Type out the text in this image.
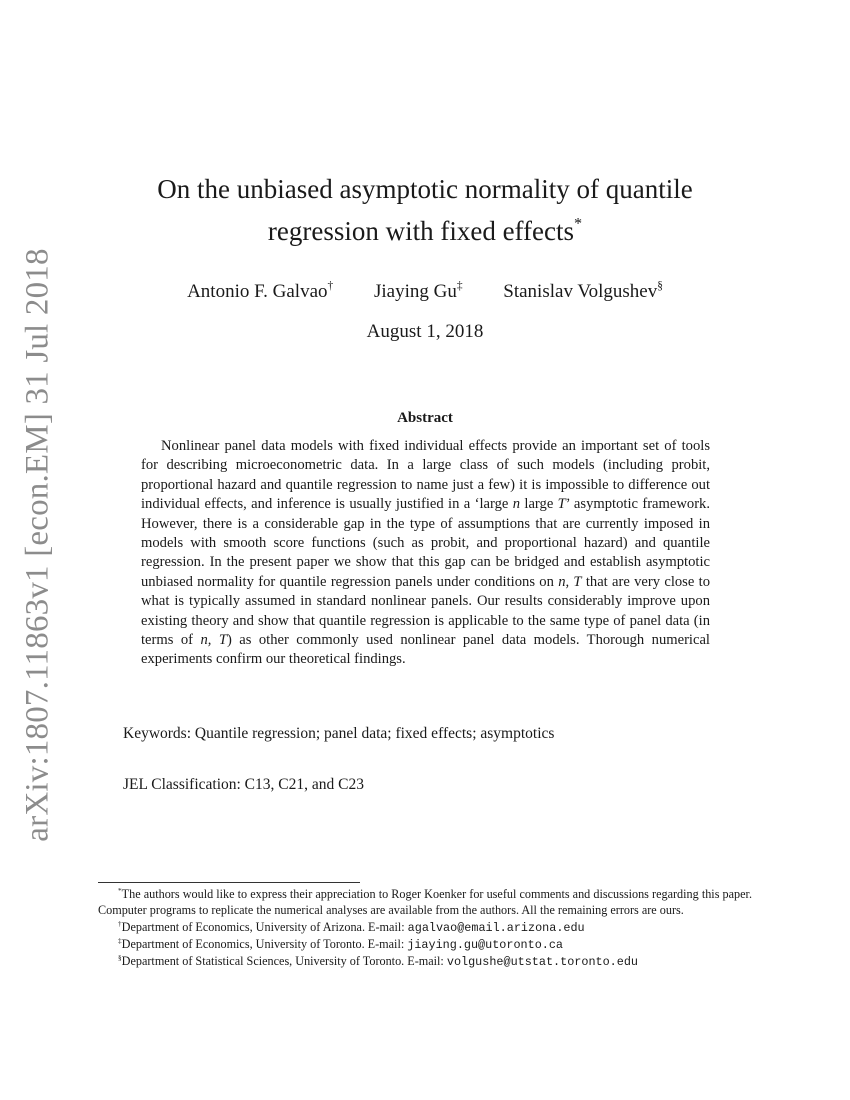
arXiv:1807.11863v1 [econ.EM] 31 Jul 2018
On the unbiased asymptotic normality of quantile
regression with fixed effects*
Antonio F. Galvao† Jiaying Gu‡ Stanislav Volgushev§
August 1, 2018
Abstract

Nonlinear panel data models with fixed individual effects provide an important set of tools for describing microeconometric data. In a large class of such models (including probit, proportional hazard and quantile regression to name just a few) it is impossible to difference out individual effects, and inference is usually justified in a ‘large n large T’ asymptotic framework. However, there is a considerable gap in the type of assumptions that are currently imposed in models with smooth score functions (such as probit, and proportional hazard) and quantile regression. In the present paper we show that this gap can be bridged and establish asymptotic unbiased normality for quantile regression panels under conditions on n, T that are very close to what is typically assumed in standard nonlinear panels. Our results considerably improve upon existing theory and show that quantile regression is applicable to the same type of panel data (in terms of n, T) as other commonly used nonlinear panel data models. Thorough numerical experiments confirm our theoretical findings.

Keywords: Quantile regression; panel data; fixed effects; asymptotics
JEL Classification: C13, C21, and C23

*The authors would like to express their appreciation to Roger Koenker for useful comments and discussions regarding this paper. Computer programs to replicate the numerical analyses are available from the authors. All the remaining errors are ours.

†Department of Economics, University of Arizona. E-mail: agalvao@email.arizona.edu

‡Department of Economics, University of Toronto. E-mail: jiaying.gu@utoronto.ca

§Department of Statistical Sciences, University of Toronto. E-mail: volgushe@utstat.toronto.edu
